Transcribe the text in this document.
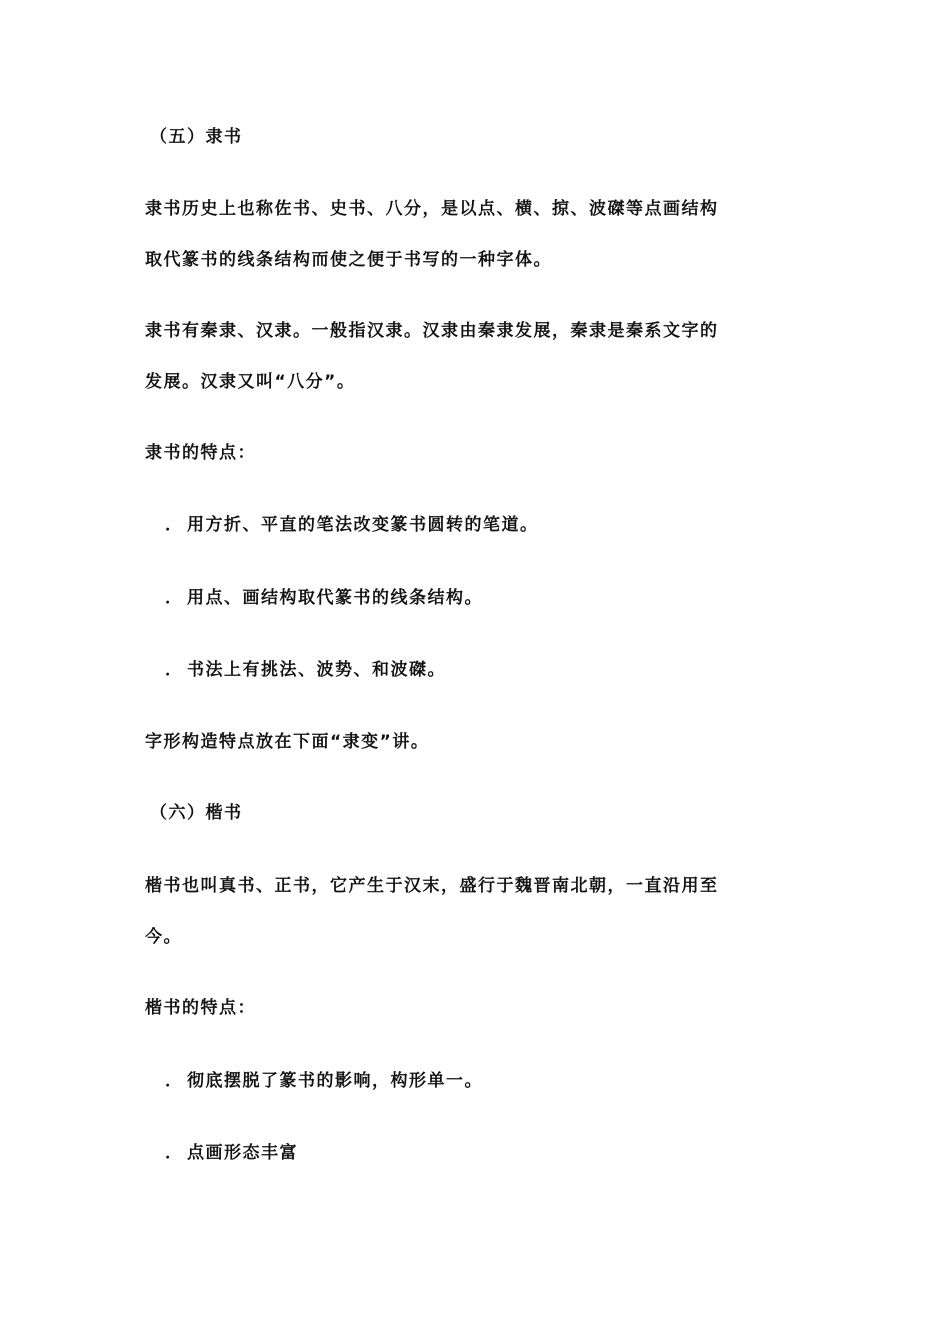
（五）隶书
隶书历史上也称佐书、史书、八分，是以点、横、掠、波磔等点画结构
取代篆书的线条结构而使之便于书写的一种字体。
隶书有秦隶、汉隶。一般指汉隶。汉隶由秦隶发展，秦隶是秦系文字的
发展。汉隶又叫“八分”。
隶书的特点：
． 用方折、平直的笔法改变篆书圆转的笔道。
． 用点、画结构取代篆书的线条结构。
． 书法上有挑法、波势、和波磔。
字形构造特点放在下面“隶变”讲。
（六）楷书
楷书也叫真书、正书，它产生于汉末，盛行于魏晋南北朝，一直沿用至
今。
楷书的特点：
． 彻底摆脱了篆书的影响，构形单一。
． 点画形态丰富
